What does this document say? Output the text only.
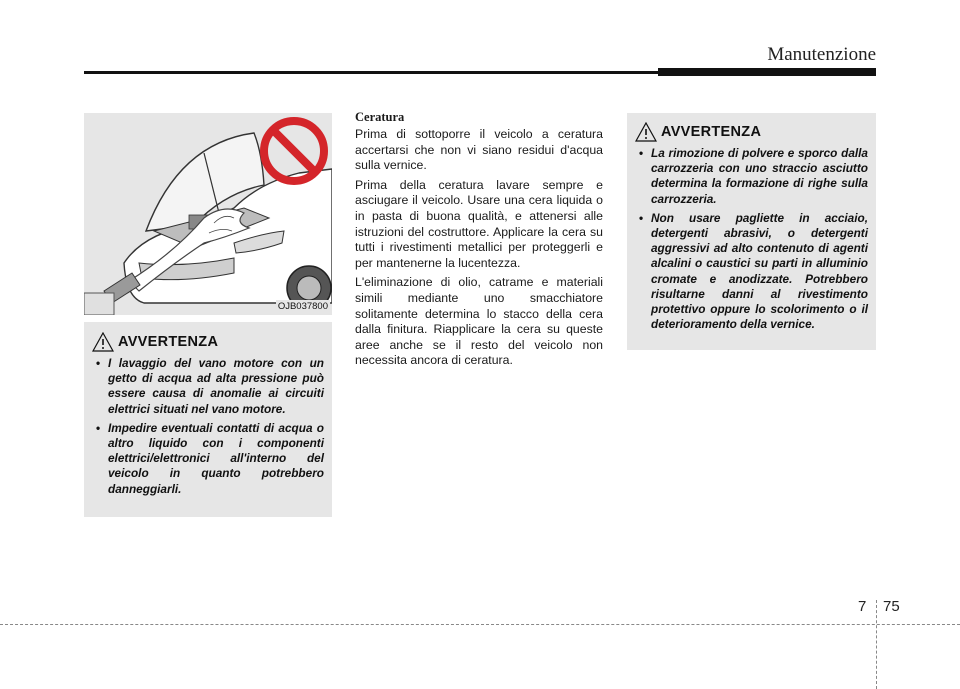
Manutenzione
OJB037800
AVVERTENZA
• I lavaggio del vano motore con un getto di acqua ad alta pressione può essere causa di anomalie ai circuiti elettrici situati nel vano motore.
• Impedire eventuali contatti di acqua o altro liquido con i componenti elettrici/elettronici all'interno del veicolo in quanto potrebbero danneggiarli.
Ceratura

Prima di sottoporre il veicolo a ceratura accertarsi che non vi siano residui d'acqua sulla vernice.

Prima della ceratura lavare sempre e asciugare il veicolo. Usare una cera liquida o in pasta di buona qualità, e attenersi alle istruzioni del costruttore. Applicare la cera su tutti i rivestimenti metallici per proteggerli e per mantenerne la lucentezza.

L'eliminazione di olio, catrame e materiali simili mediante uno smacchiatore solitamente determina lo stacco della cera dalla finitura. Riapplicare la cera su queste aree anche se il resto del veicolo non necessita ancora di ceratura.

AVVERTENZA
• La rimozione di polvere e sporco dalla carrozzeria con uno straccio asciutto determina la formazione di righe sulla carrozzeria.
• Non usare pagliette in acciaio, detergenti abrasivi, o detergenti aggressivi ad alto contenuto di agenti alcalini o caustici su parti in alluminio cromate e anodizzate. Potrebbero risultarne danni al rivestimento protettivo oppure lo scolorimento o il deterioramento della vernice.
7 75
